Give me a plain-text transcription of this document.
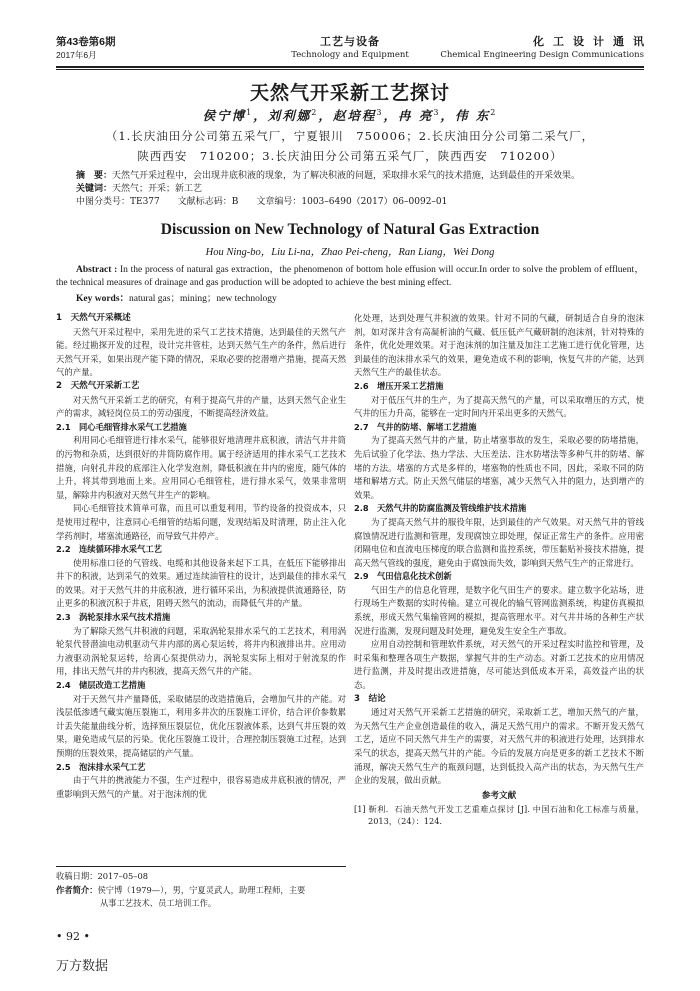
第43卷第6期
2017年6月
工艺与设备
Technology and Equipment
化工设计通讯
Chemical Engineering Design Communications
天然气开采新工艺探讨
侯宁博$^1$，刘利娜$^2$，赵培程$^3$，冉 亮$^3$，伟 东$^2$
（1.长庆油田分公司第五采气厂，宁夏银川　750006；2.长庆油田分公司第二采气厂，
陕西西安　710200；3.长庆油田分公司第五采气厂，陕西西安　710200）
摘　要：天然气开采过程中，会出现井底积液的现象，为了解决积液的问题，采取排水采气的技术措施，达到最佳的开采效果。
关键词：天然气；开采；新工艺
中图分类号：TE377　　文献标志码：B　　文章编号：1003–6490（2017）06–0092–01
Discussion on New Technology of Natural Gas Extraction
Hou Ning-bo，Liu Li-na，Zhao Pei-cheng，Ran Liang，Wei Dong
Abstract : In the process of natural gas extraction，the phenomenon of bottom hole effusion will occur.In order to solve the problem of effluent，the technical measures of drainage and gas production will be adopted to achieve the best mining effect.
Key words：natural gas；mining；new technology
1　天然气开采概述

天然气开采过程中，采用先进的采气工艺技术措施，达到最佳的天然气产能。经过勘探开发的过程，设计完井管柱，达到天然气生产的条件，然后进行天然气开采，如果出现产能下降的情况，采取必要的挖潜增产措施，提高天然气的产量。

2　天然气开采新工艺

对天然气开采新工艺的研究，有利于提高气井的产量，达到天然气企业生产的需求，减轻岗位员工的劳动强度，不断提高经济效益。

2.1　同心毛细管排水采气工艺措施

利用同心毛细管进行排水采气，能够很好地清理井底积液，清洁气井井筒的污物和杂质，达到很好的井筒防腐作用。属于经济适用的排水采气工艺技术措施，向射孔井段的底部注入化学发泡剂，降低积液在井内的密度，随气体的上升，将其带到地面上来。应用同心毛细管柱，进行排水采气，效果非常明显，解除井内积液对天然气井生产的影响。

同心毛细管技术简单可靠，而且可以重复利用，节约设备的投资成本，只是使用过程中，注意同心毛细管的结垢问题，发现结垢及时清理，防止注入化学药剂时，堵塞流通路径，而导致气井停产。

2.2　连续循环排水采气工艺

使用标准口径的气管线、电缆和其他设备来起下工具，在低压下能够排出井下的积液，达到采气的效果。通过连续油管柱的设计，达到最佳的排水采气的效果。对于天然气井的井底积液，进行循环采出，为积液提供流通路径，防止更多的积液沉积于井底，阻碍天然气的流动，而降低气井的产量。

2.3　涡轮泵排水采气技术措施

为了解除天然气井积液的问题，采取涡轮泵排水采气的工艺技术，利用涡轮泵代替潜油电动机驱动气井内部的离心泵运转，将井内积液排出井。应用动力液驱动涡轮泵运转，给离心泵提供动力，涡轮泵实际上相对于射流泵的作用，排出天然气井的井内积液，提高天然气井的产能。

2.4　储层改造工艺措施

对于天然气井产量降低，采取储层的改造措施后，会增加气井的产能。对浅层低渗透气藏实施压裂施工，利用多井次的压裂施工评价，结合评价参数累计丢失能量曲线分析，选择预压裂层位，优化压裂液体系，达到气井压裂的效果，避免造成气层的污染。优化压裂施工设计，合理控制压裂施工过程，达到预期的压裂效果，提高储层的产气量。

2.5　泡沫排水采气工艺

由于气井的携液能力不强，生产过程中，很容易造成井底积液的情况，严重影响到天然气的产量。对于泡沫剂的优

化处理，达到处理气井积液的效果。针对不同的气藏，研制适合自身的泡沫剂，如对深井含有高凝析油的气藏、低压低产气藏研制的泡沫剂，针对特殊的条件，优化处理效果。对于泡沫剂的加注量及加注工艺施工进行优化管理，达到最佳的泡沫排水采气的效果，避免造成不利的影响，恢复气井的产能，达到天然气生产的最佳状态。

2.6　增压开采工艺措施

对于低压气井的生产，为了提高天然气的产量，可以采取增压的方式，使气井的压力升高，能够在一定时间内开采出更多的天然气。

2.7　气井的防堵、解堵工艺措施

为了提高天然气井的产量，防止堵塞事故的发生，采取必要的防堵措施，先后试验了化学法、热力学法、大压差法、注水防堵法等多种气井的防堵、解堵的方法。堵塞的方式是多样的，堵塞物的性质也不同，因此，采取不同的防堵和解堵方式。防止天然气储层的堵塞，减少天然气入井的阻力，达到增产的效果。

2.8　天然气井的防腐监测及管线维护技术措施

为了提高天然气井的服役年限，达到最佳的产气效果。对天然气井的管线腐蚀情况进行监测和管理，发现腐蚀立即处理，保证正常生产的条件。应用密闭隔电位和直流电压梯度的联合监测和监控系统，带压黏贴补接技术措施，提高天然气管线的强度，避免由于腐蚀而失效，影响到天然气生产的正常进行。

2.9　气田信息化技术创新

气田生产的信息化管理，是数字化气田生产的要求。建立数字化站场，进行现场生产数据的实时传输。建立可视化的输气管网监测系统，构建仿真模拟系统，形成天然气集输管网的模拟，提高管理水平。对气井井场的各种生产状况进行监测，发现问题及时处理，避免发生安全生产事故。

应用自动控制和管理软件系统，对天然气的开采过程实时监控和管理，及时采集和整理各项生产数据，掌握气井的生产动态。对新工艺技术的应用情况进行监测，并及时提出改进措施，尽可能达到低成本开采，高效益产出的状态。

3　结论

通过对天然气开采新工艺措施的研究，采取新工艺，增加天然气的产量，为天然气生产企业创造最佳的收入，满足天然气用户的需求。不断开发天然气工艺，适应不同天然气井生产的需要，对天然气井的积液进行处理，达到排水采气的状态，提高天然气井的产能。今后的发展方向是更多的新工艺技术不断涌现，解决天然气生产的瓶颈问题，达到低投入高产出的状态，为天然气生产企业的发展，做出贡献。

参考文献
[1] 靳利．石油天然气开发工艺重难点探讨 [J]. 中国石油和化工标准与质量，2013，（24）：124.
收稿日期：2017–05–08
作者简介：侯宁博（1979—），男，宁夏灵武人，助理工程师，主要
从事工艺技术、员工培训工作。
• 92 •
万方数据
